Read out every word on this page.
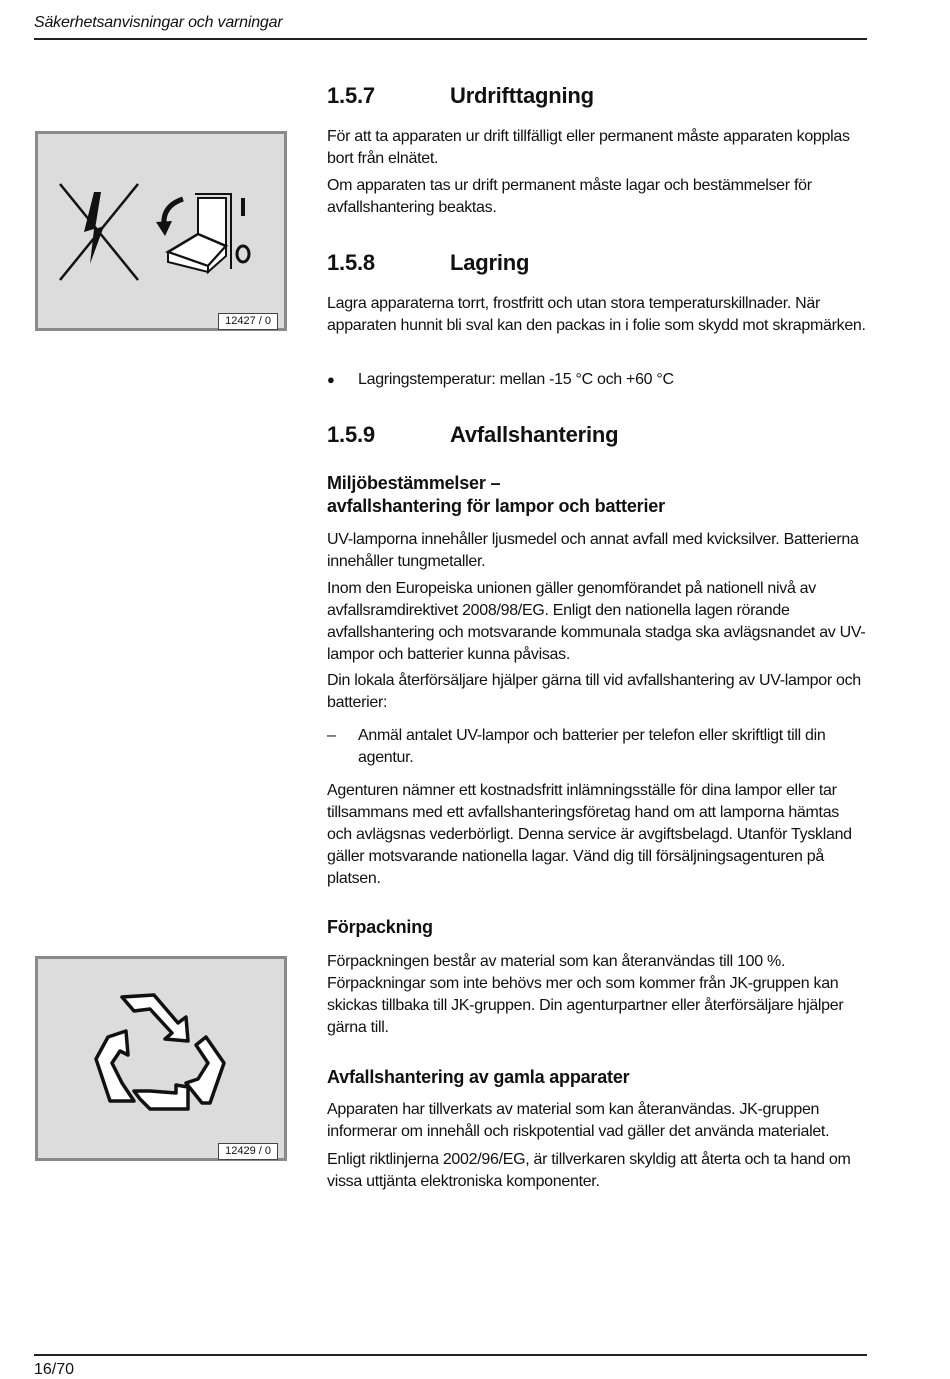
Säkerhetsanvisningar och varningar
12427 / 0
12429 / 0
1.5.7	Urdrifttagning

För att ta apparaten ur drift tillfälligt eller permanent måste apparaten kopplas bort från elnätet.

Om apparaten tas ur drift permanent måste lagar och bestämmelser för avfallshantering beaktas.

1.5.8	Lagring

Lagra apparaterna torrt, frostfritt och utan stora temperaturskillnader. När apparaten hunnit bli sval kan den packas in i folie som skydd mot skrapmärken.

● Lagringstemperatur: mellan -15 °C och +60 °C
1.5.9	Avfallshantering
Miljöbestämmelser –
avfallshantering för lampor och batterier

UV-lamporna innehåller ljusmedel och annat avfall med kvicksilver. Batterierna innehåller tungmetaller.

Inom den Europeiska unionen gäller genomförandet på nationell nivå av avfallsramdirektivet 2008/98/EG. Enligt den nationella lagen rörande avfallshantering och motsvarande kommunala stadga ska avlägsnandet av UV-lampor och batterier kunna påvisas.

Din lokala återförsäljare hjälper gärna till vid avfallshantering av UV-lampor och batterier:

– Anmäl antalet UV-lampor och batterier per telefon eller skriftligt till din agentur.

Agenturen nämner ett kostnadsfritt inlämningsställe för dina lampor eller tar tillsammans med ett avfallshanteringsföretag hand om att lamporna hämtas och avlägsnas vederbörligt. Denna service är avgiftsbelagd. Utanför Tyskland gäller motsvarande nationella lagar. Vänd dig till försäljningsagenturen på platsen.

Förpackning

Förpackningen består av material som kan återanvändas till 100 %. Förpackningar som inte behövs mer och som kommer från JK-gruppen kan skickas tillbaka till JK-gruppen. Din agenturpartner eller återförsäljare hjälper gärna till.

Avfallshantering av gamla apparater

Apparaten har tillverkats av material som kan återanvändas. JK-gruppen informerar om innehåll och riskpotential vad gäller det använda materialet.

Enligt riktlinjerna 2002/96/EG, är tillverkaren skyldig att återta och ta hand om vissa uttjänta elektroniska komponenter.

16/70
